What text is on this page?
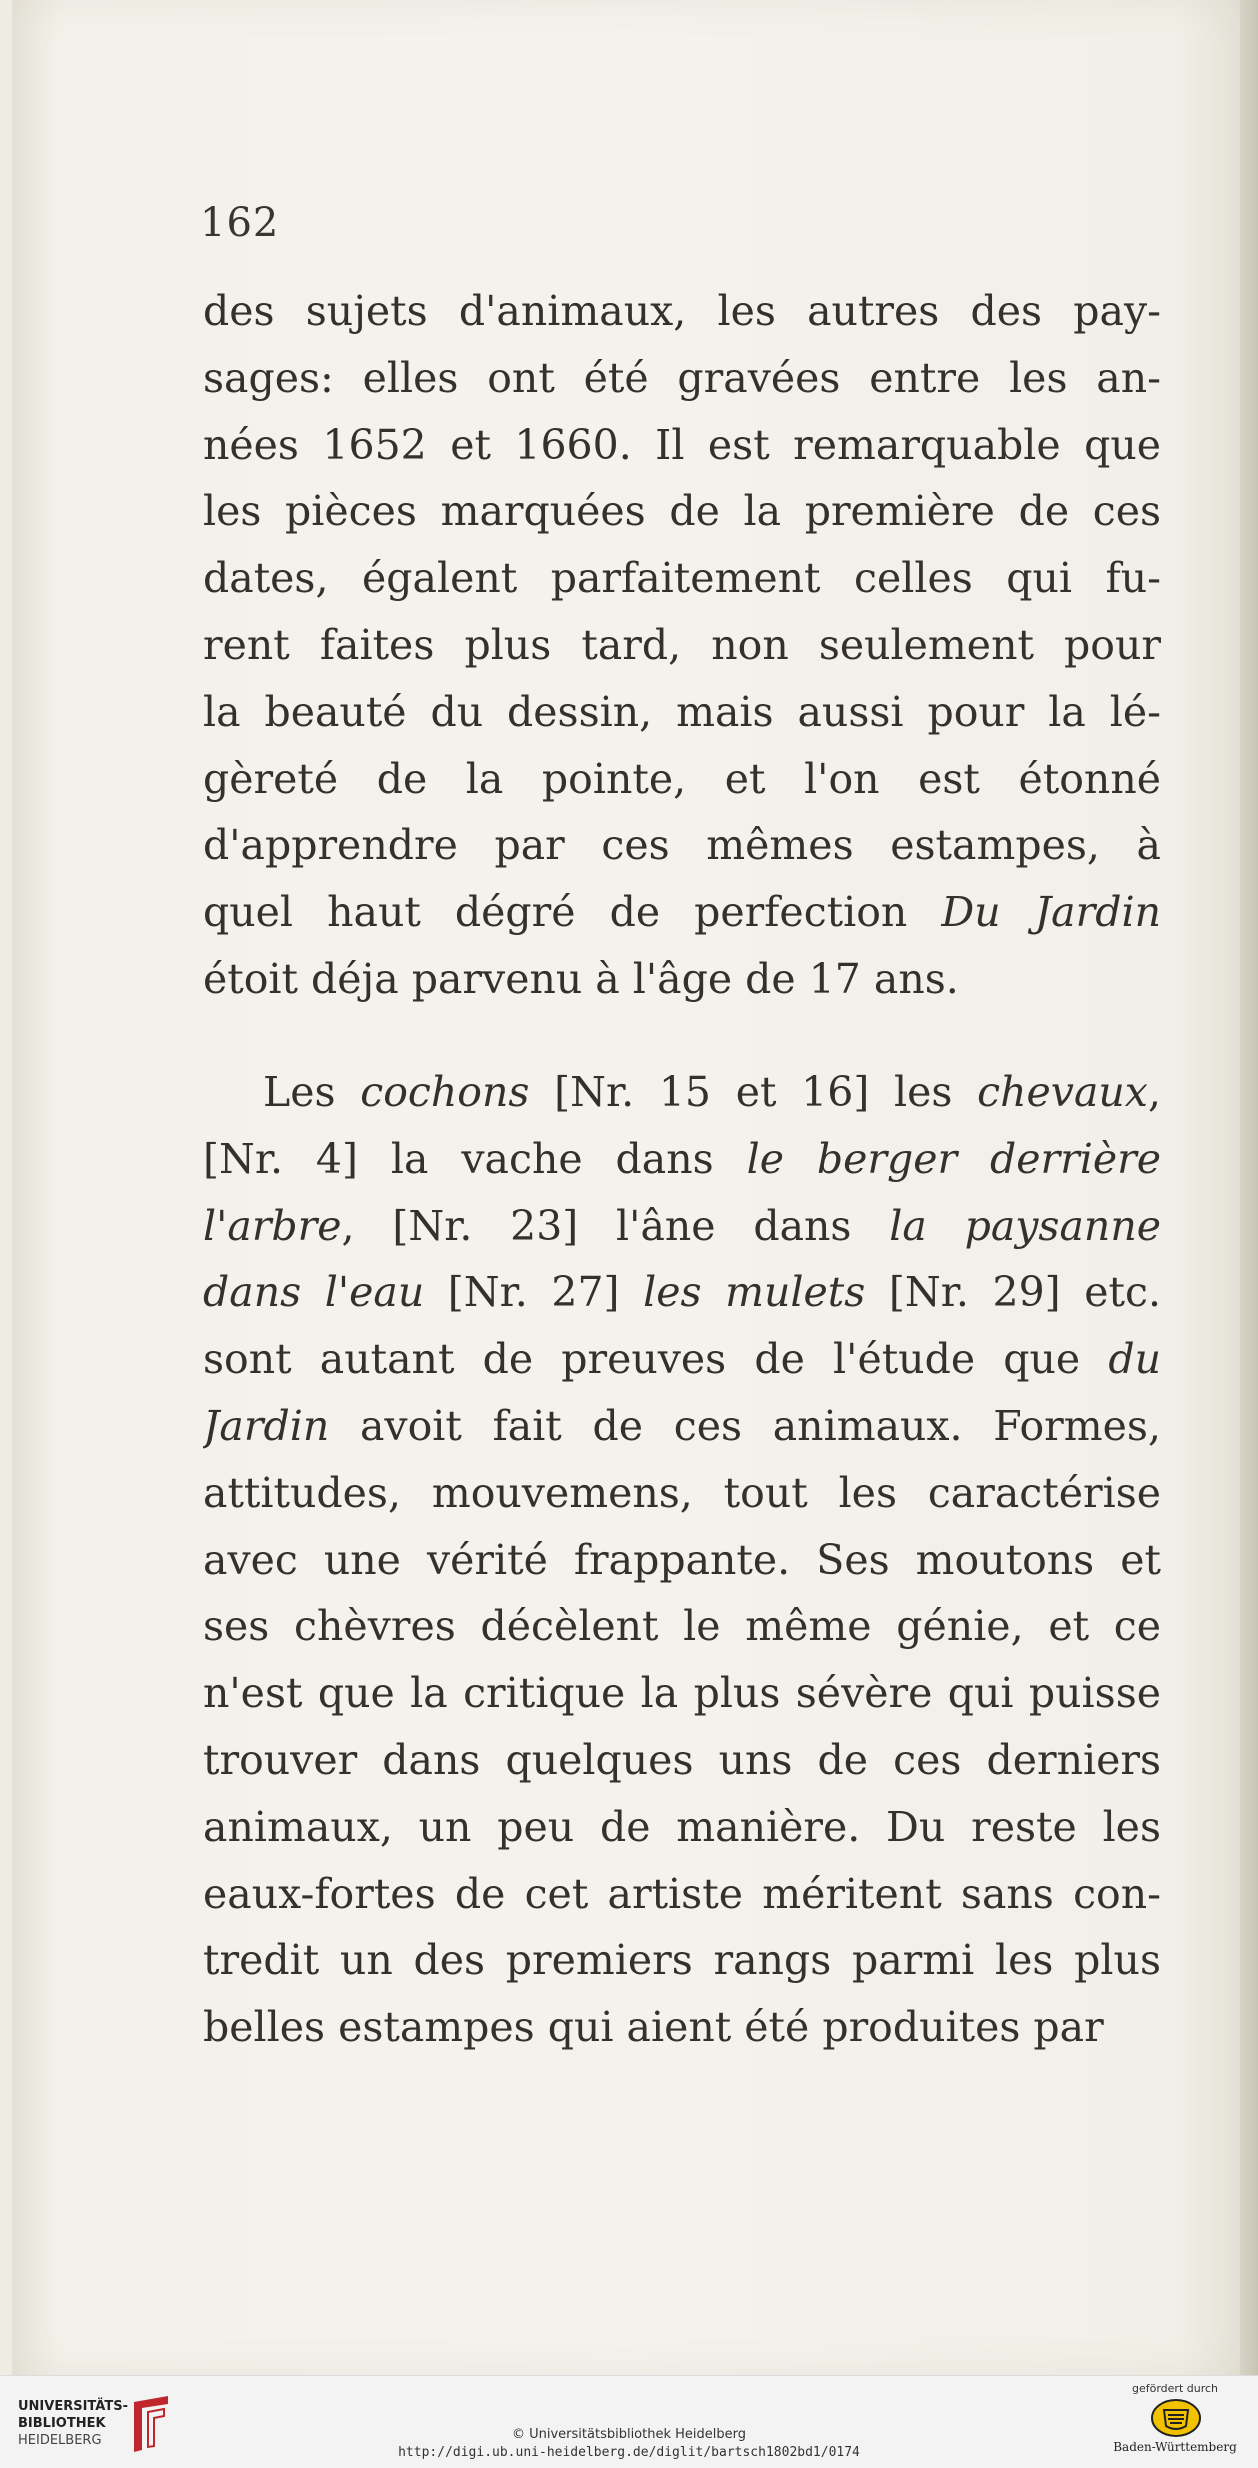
162
des sujets d'animaux, les autres des pay-
sages: elles ont été gravées entre les an-
nées 1652 et 1660. Il est remarquable que
les pièces marquées de la première de ces
dates, égalent parfaitement celles qui fu-
rent faites plus tard, non seulement pour
la beauté du dessin, mais aussi pour la lé-
gèreté de la pointe, et l'on est étonné
d'apprendre par ces mêmes estampes, à
quel haut dégré de perfection Du Jardin
étoit déja parvenu à l'âge de 17 ans.
Les cochons [Nr. 15 et 16] les chevaux,
[Nr. 4] la vache dans le berger derrière
l'arbre, [Nr. 23] l'âne dans la paysanne
dans l'eau [Nr. 27] les mulets [Nr. 29] etc.
sont autant de preuves de l'étude que du
Jardin avoit fait de ces animaux. Formes,
attitudes, mouvemens, tout les caractérise
avec une vérité frappante. Ses moutons et
ses chèvres décèlent le même génie, et ce
n'est que la critique la plus sévère qui puisse
trouver dans quelques uns de ces derniers
animaux, un peu de manière. Du reste les
eaux-fortes de cet artiste méritent sans con-
tredit un des premiers rangs parmi les plus
belles estampes qui aient été produites par
UNIVERSITÄTS-
BIBLIOTHEK
HEIDELBERG	© Universitätsbibliothek Heidelberg
http://digi.ub.uni-heidelberg.de/diglit/bartsch1802bd1/0174
gefördert durch
Baden-Württemberg
